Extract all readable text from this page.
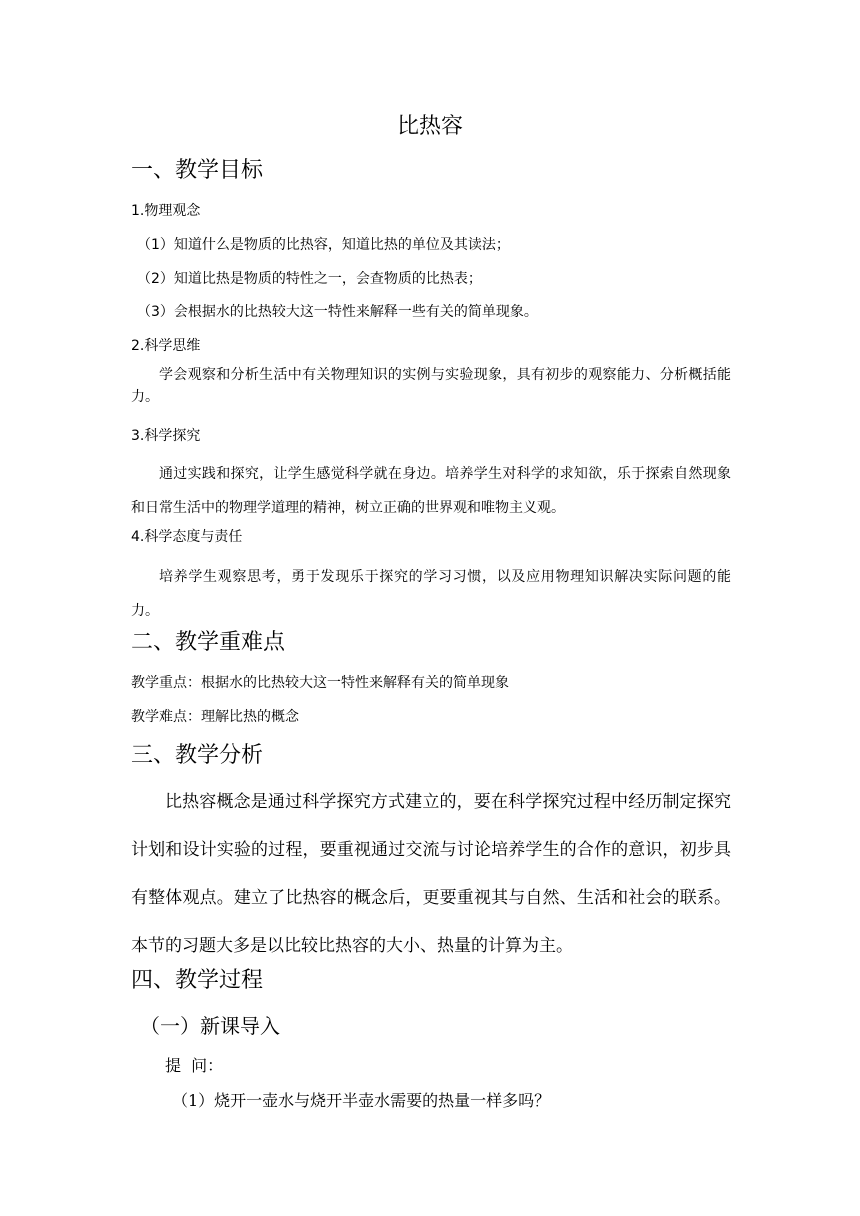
比热容
一、教学目标
1.物理观念
（1）知道什么是物质的比热容，知道比热的单位及其读法；
（2）知道比热是物质的特性之一，会查物质的比热表；
（3）会根据水的比热较大这一特性来解释一些有关的简单现象。
2.科学思维
学会观察和分析生活中有关物理知识的实例与实验现象，具有初步的观察能力、分析概括能力。
3.科学探究
通过实践和探究，让学生感觉科学就在身边。培养学生对科学的求知欲，乐于探索自然现象和日常生活中的物理学道理的精神，树立正确的世界观和唯物主义观。
4.科学态度与责任
培养学生观察思考，勇于发现乐于探究的学习习惯，以及应用物理知识解决实际问题的能力。
二、教学重难点
教学重点：根据水的比热较大这一特性来解释有关的简单现象
教学难点：理解比热的概念
三、教学分析
比热容概念是通过科学探究方式建立的，要在科学探究过程中经历制定探究计划和设计实验的过程，要重视通过交流与讨论培养学生的合作的意识，初步具有整体观点。建立了比热容的概念后，更要重视其与自然、生活和社会的联系。本节的习题大多是以比较比热容的大小、热量的计算为主。
四、教学过程
（一）新课导入
提  问：
（1）烧开一壶水与烧开半壶水需要的热量一样多吗？
